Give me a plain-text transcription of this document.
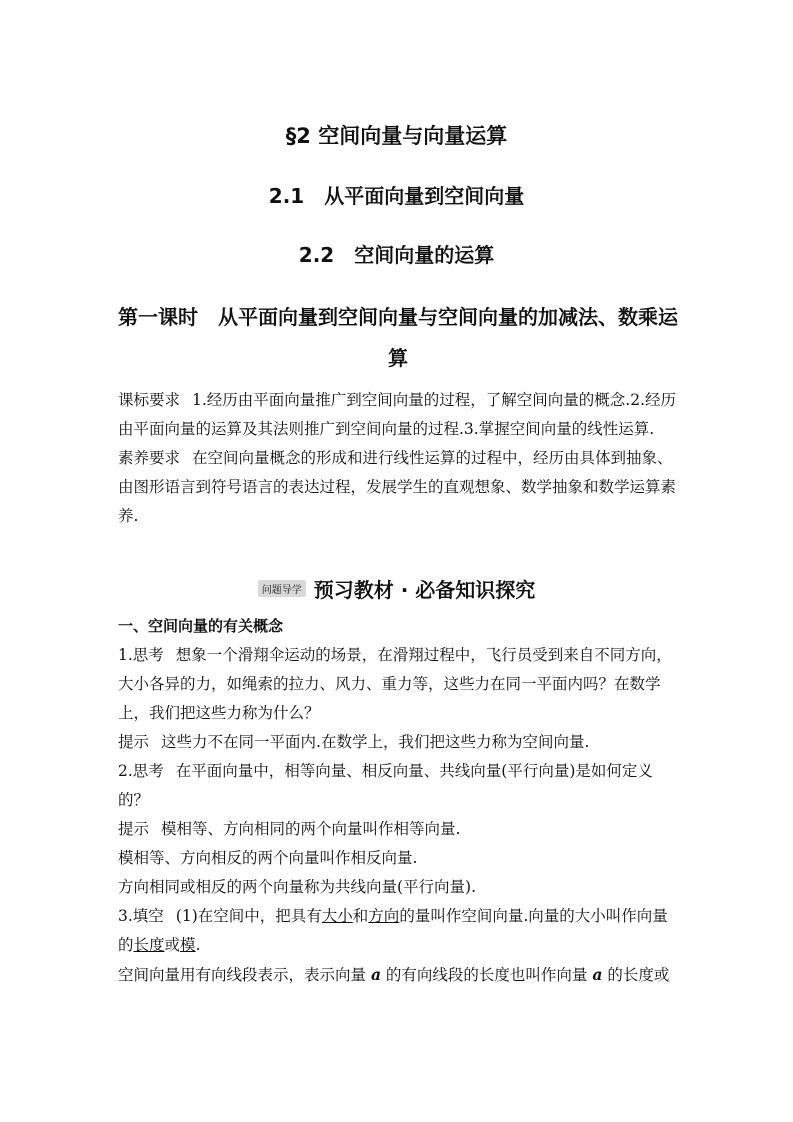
§2 空间向量与向量运算
2.1　从平面向量到空间向量
2.2　空间向量的运算
第一课时　从平面向量到空间向量与空间向量的加减法、数乘运算

课标要求 1.经历由平面向量推广到空间向量的过程，了解空间向量的概念.2.经历由平面向量的运算及其法则推广到空间向量的过程.3.掌握空间向量的线性运算.

素养要求 在空间向量概念的形成和进行线性运算的过程中，经历由具体到抽象、由图形语言到符号语言的表达过程，发展学生的直观想象、数学抽象和数学运算素养.

问题导学 预习教材 · 必备知识探究

一、空间向量的有关概念

1.思考 想象一个滑翔伞运动的场景，在滑翔过程中，飞行员受到来自不同方向，大小各异的力，如绳索的拉力、风力、重力等，这些力在同一平面内吗？在数学上，我们把这些力称为什么？

提示 这些力不在同一平面内.在数学上，我们把这些力称为空间向量.

2.思考 在平面向量中，相等向量、相反向量、共线向量(平行向量)是如何定义的？

提示 模相等、方向相同的两个向量叫作相等向量.

模相等、方向相反的两个向量叫作相反向量.

方向相同或相反的两个向量称为共线向量(平行向量).

3.填空 (1)在空间中，把具有大小和方向的量叫作空间向量.向量的大小叫作向量的长度或模.

空间向量用有向线段表示，表示向量 a 的有向线段的长度也叫作向量 a 的长度或
